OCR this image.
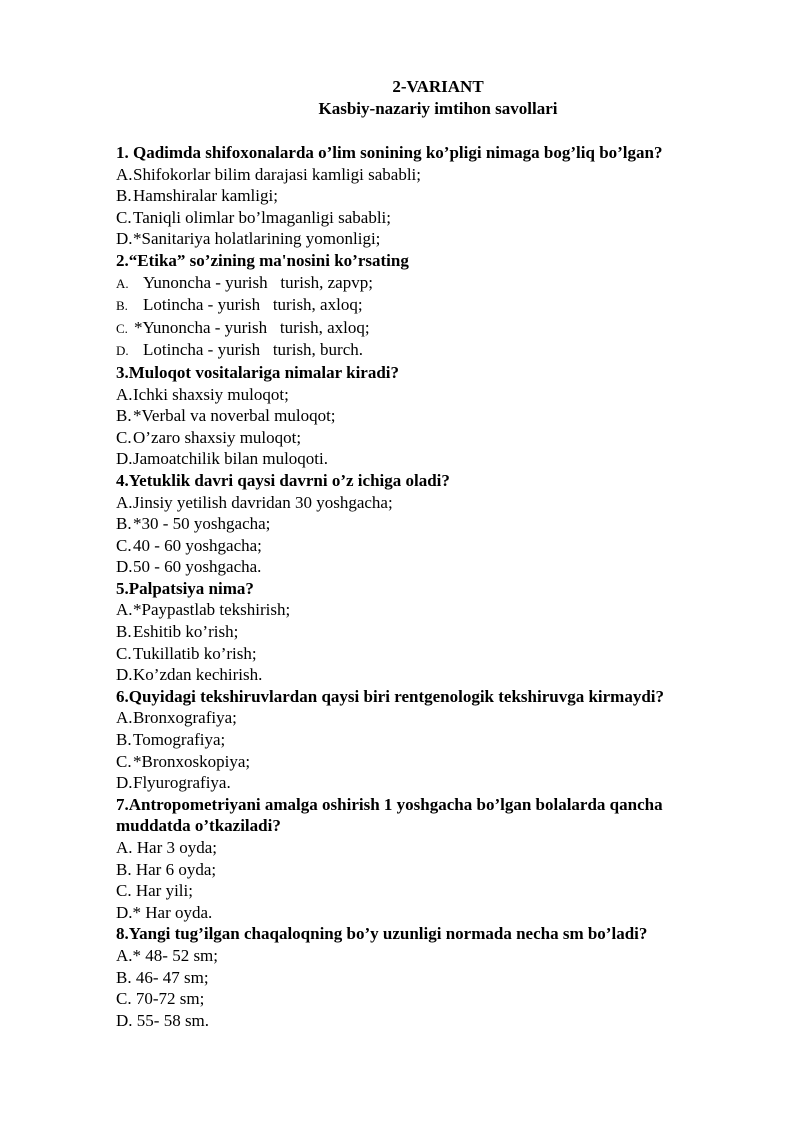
2-VARIANT
Kasbiy-nazariy imtihon savollari
1. Qadimda shifoxonalarda o’lim sonining ko’pligi nimaga bog’liq bo’lgan?
A.Shifokorlar bilim darajasi kamligi sababli;
B.Hamshiralar kamligi;
C.Taniqli olimlar bo’lmaganligi sababli;
D.*Sanitariya holatlarining yomonligi;
2.“Etika” so’zining ma'nosini ko’rsating
A. Yunoncha - yurish   turish, zapvp;
B. Lotincha - yurish   turish, axloq;
C. *Yunoncha - yurish   turish, axloq;
D. Lotincha - yurish   turish, burch.
3.Muloqot vositalariga nimalar kiradi?
A.Ichki shaxsiy muloqot;
B.*Verbal va noverbal muloqot;
C.O’zaro shaxsiy muloqot;
D.Jamoatchilik bilan muloqoti.
4.Yetuklik davri qaysi davrni o’z ichiga oladi?
A.Jinsiy yetilish davridan 30 yoshgacha;
B.*30 - 50 yoshgacha;
C.40 - 60 yoshgacha;
D.50 - 60 yoshgacha.
5.Palpatsiya nima?
A.*Paypastlab tekshirish;
B.Eshitib ko’rish;
C.Tukillatib ko’rish;
D.Ko’zdan kechirish.
6.Quyidagi tekshiruvlardan qaysi biri rentgenologik tekshiruvga kirmaydi?
A.Bronxografiya;
B.Tomografiya;
C.*Bronxoskopiya;
D.Flyurografiya.
7.Antropometriyani amalga oshirish 1 yoshgacha bo’lgan bolalarda qancha
muddatda o’tkaziladi?
A. Har 3 oyda;
B. Har 6 oyda;
C. Har yili;
D.* Har oyda.
8.Yangi tug’ilgan chaqaloqning bo’y uzunligi normada necha sm bo’ladi?
A.* 48- 52 sm;
B. 46- 47 sm;
C. 70-72 sm;
D. 55- 58 sm.
